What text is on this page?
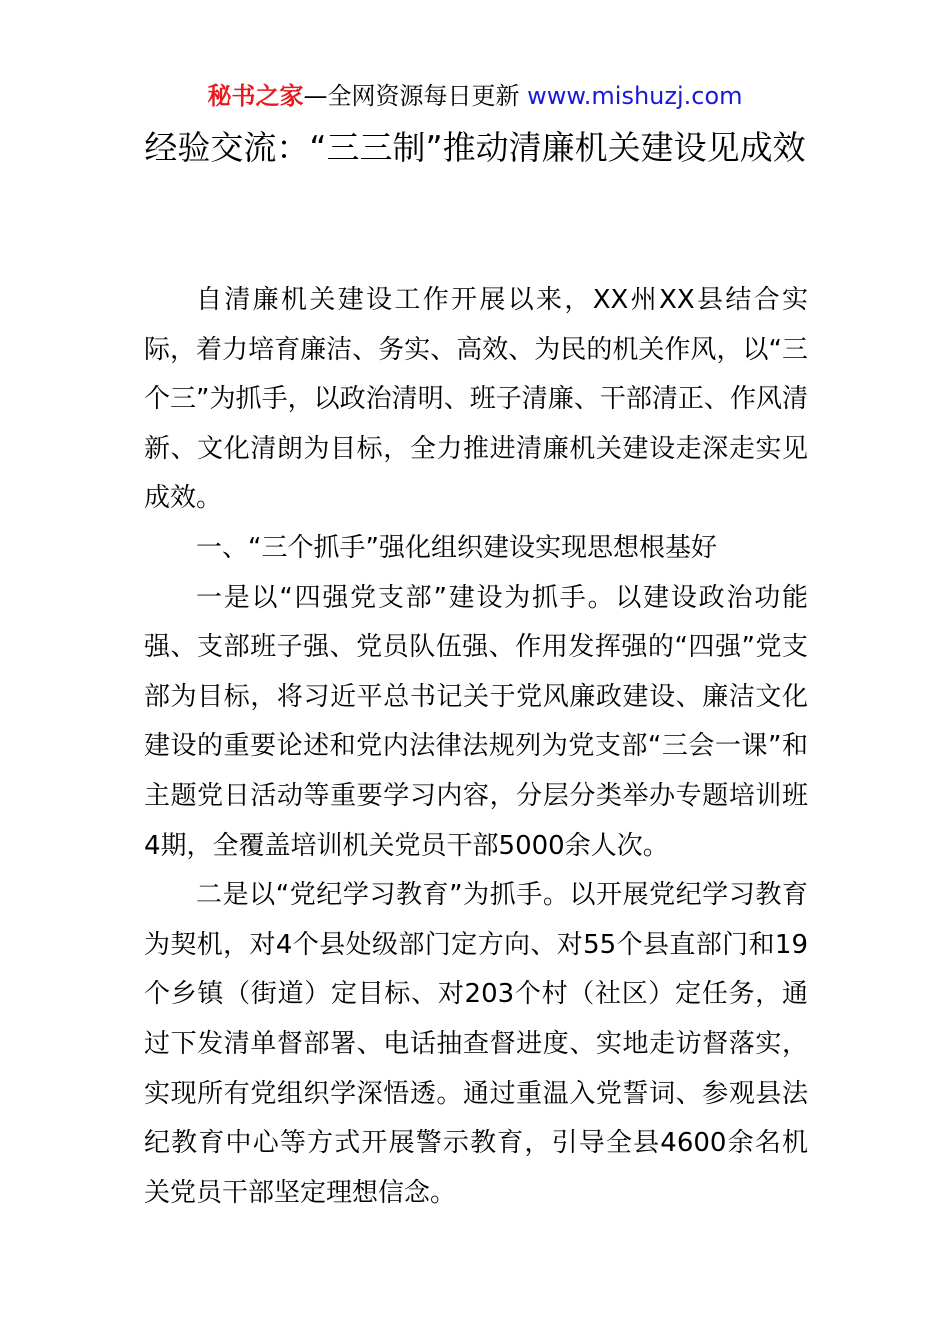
秘书之家—全网资源每日更新 www.mishuzj.com
经验交流：“三三制”推动清廉机关建设见成效

自清廉机关建设工作开展以来，XX州XX县结合实际，着力培育廉洁、务实、高效、为民的机关作风，以“三个三”为抓手，以政治清明、班子清廉、干部清正、作风清新、文化清朗为目标，全力推进清廉机关建设走深走实见成效。

一、“三个抓手”强化组织建设实现思想根基好

一是以“四强党支部”建设为抓手。以建设政治功能强、支部班子强、党员队伍强、作用发挥强的“四强”党支部为目标，将习近平总书记关于党风廉政建设、廉洁文化建设的重要论述和党内法律法规列为党支部“三会一课”和主题党日活动等重要学习内容，分层分类举办专题培训班4期，全覆盖培训机关党员干部5000余人次。

二是以“党纪学习教育”为抓手。以开展党纪学习教育为契机，对4个县处级部门定方向、对55个县直部门和19个乡镇（街道）定目标、对203个村（社区）定任务，通过下发清单督部署、电话抽查督进度、实地走访督落实，实现所有党组织学深悟透。通过重温入党誓词、参观县法纪教育中心等方式开展警示教育，引导全县4600余名机关党员干部坚定理想信念。
